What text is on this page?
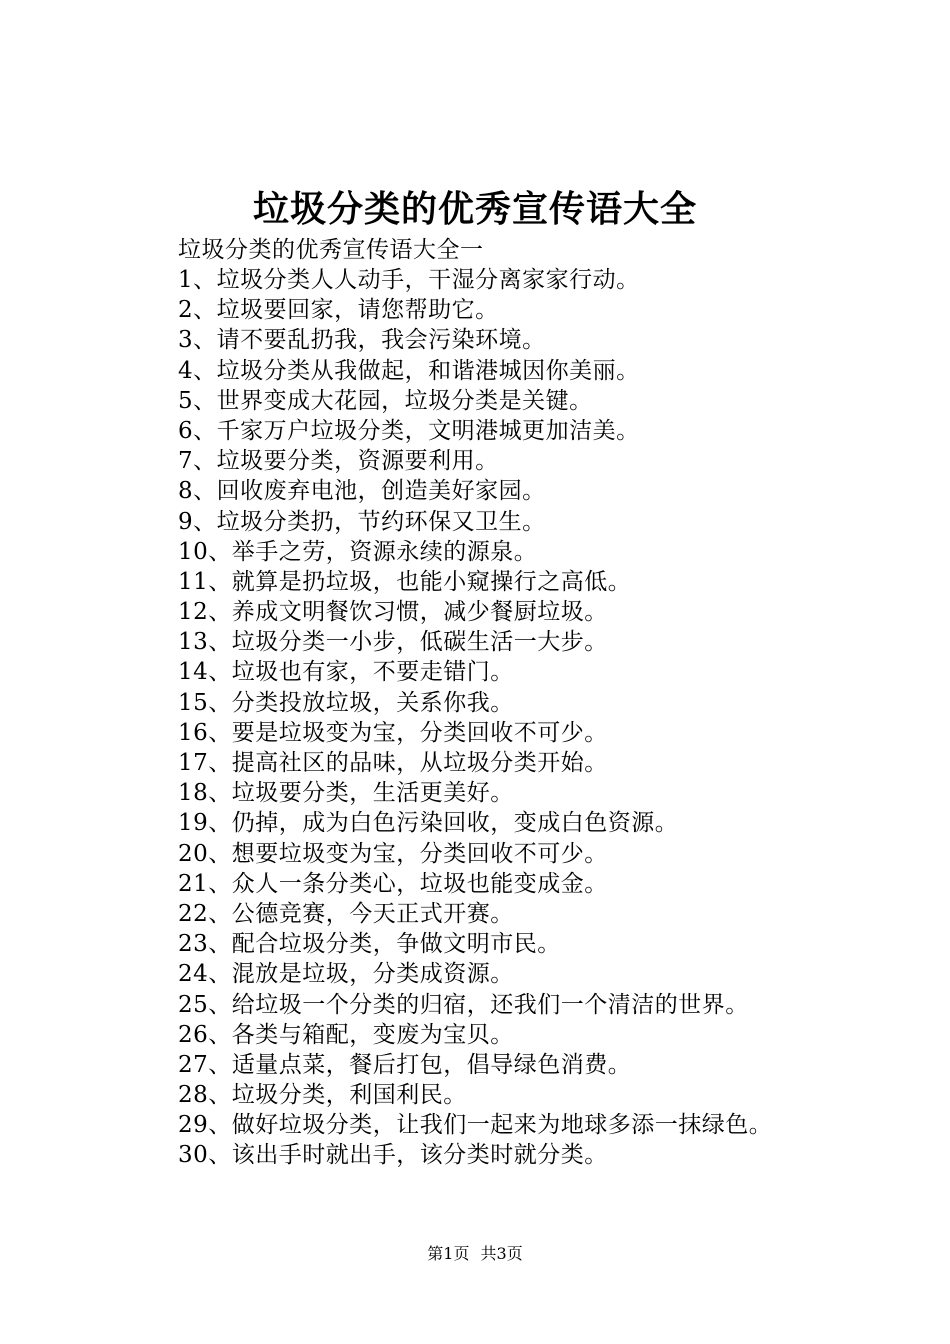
垃圾分类的优秀宣传语大全
垃圾分类的优秀宣传语大全一
1、垃圾分类人人动手，干湿分离家家行动。
2、垃圾要回家，请您帮助它。
3、请不要乱扔我，我会污染环境。
4、垃圾分类从我做起，和谐港城因你美丽。
5、世界变成大花园，垃圾分类是关键。
6、千家万户垃圾分类，文明港城更加洁美。
7、垃圾要分类，资源要利用。
8、回收废弃电池，创造美好家园。
9、垃圾分类扔，节约环保又卫生。
10、举手之劳，资源永续的源泉。
11、就算是扔垃圾，也能小窥操行之高低。
12、养成文明餐饮习惯，减少餐厨垃圾。
13、垃圾分类一小步，低碳生活一大步。
14、垃圾也有家，不要走错门。
15、分类投放垃圾，关系你我。
16、要是垃圾变为宝，分类回收不可少。
17、提高社区的品味，从垃圾分类开始。
18、垃圾要分类，生活更美好。
19、仍掉，成为白色污染回收，变成白色资源。
20、想要垃圾变为宝，分类回收不可少。
21、众人一条分类心，垃圾也能变成金。
22、公德竞赛，今天正式开赛。
23、配合垃圾分类，争做文明市民。
24、混放是垃圾，分类成资源。
25、给垃圾一个分类的归宿，还我们一个清洁的世界。
26、各类与箱配，变废为宝贝。
27、适量点菜，餐后打包，倡导绿色消费。
28、垃圾分类，利国利民。
29、做好垃圾分类，让我们一起来为地球多添一抹绿色。
30、该出手时就出手，该分类时就分类。
第1页 共3页
